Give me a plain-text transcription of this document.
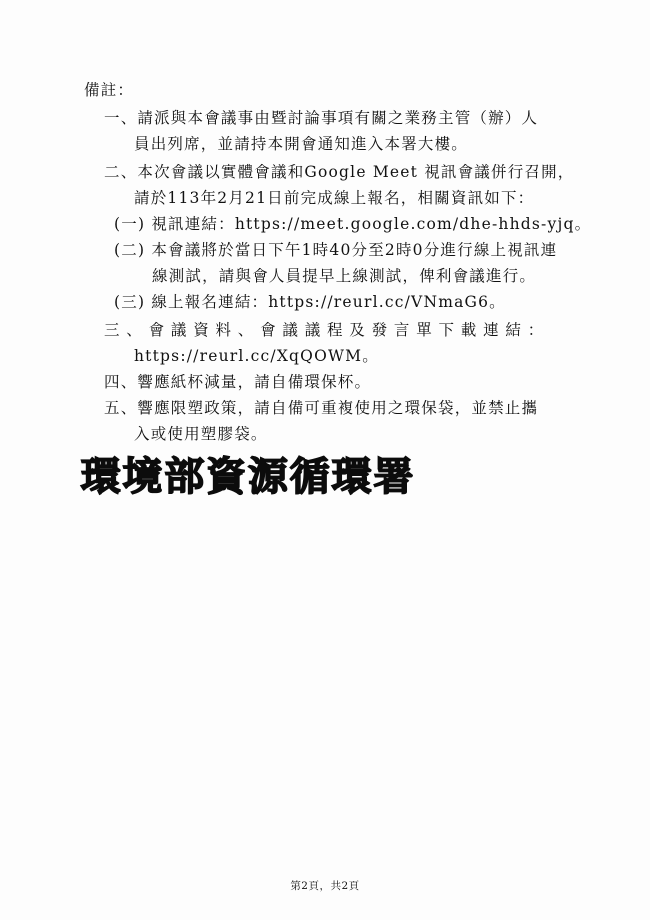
備註：
一、請派與本會議事由暨討論事項有關之業務主管（辦）人
員出列席，並請持本開會通知進入本署大樓。
二、本次會議以實體會議和Google Meet 視訊會議併行召開，
請於113年2月21日前完成線上報名，相關資訊如下：
(一) 視訊連結：https://meet.google.com/dhe-hhds-yjq。
(二) 本會議將於當日下午1時40分至2時0分進行線上視訊連
線測試，請與會人員提早上線測試，俾利會議進行。
(三) 線上報名連結：https://reurl.cc/VNmaG6。
三、會議資料、會議議程及發言單下載連結：
https://reurl.cc/XqQOWM。
四、響應紙杯減量，請自備環保杯。
五、響應限塑政策，請自備可重複使用之環保袋，並禁止攜
入或使用塑膠袋。
環境部資源循環署
第2頁，共2頁
